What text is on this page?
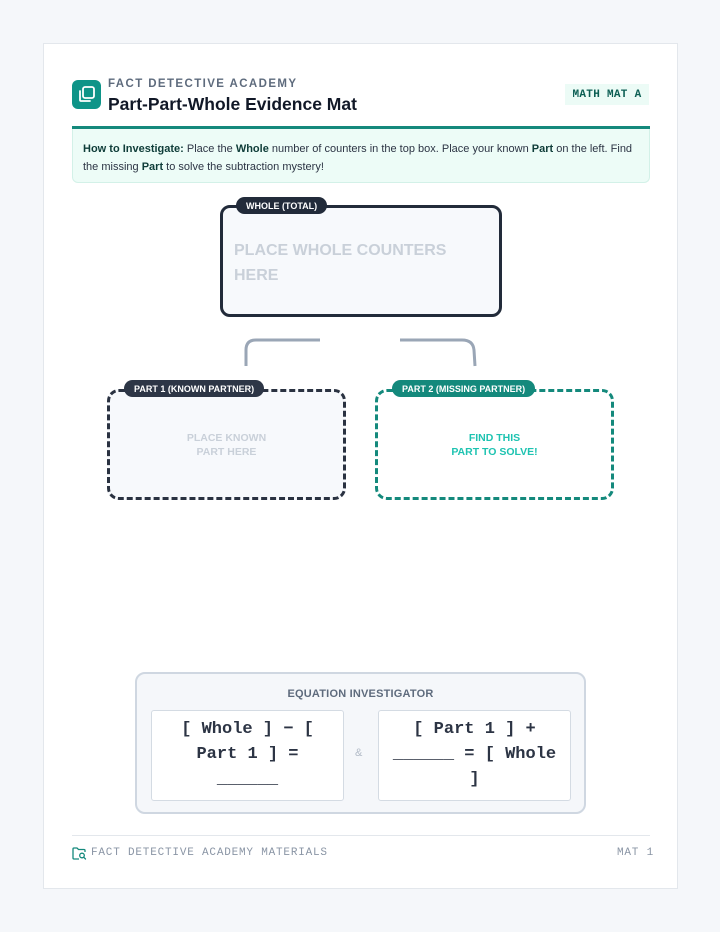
FACT DETECTIVE ACADEMY
Part-Part-Whole Evidence Mat	MATH MAT A
How to Investigate: Place the Whole number of counters in the top box. Place your known Part on the left. Find the missing Part to solve the subtraction mystery!
PLACE WHOLE COUNTERS HERE
WHOLE (TOTAL)
PLACE KNOWN
PART HERE
PART 1 (KNOWN PARTNER)
FIND THIS
PART TO SOLVE!
PART 2 (MISSING PARTNER)
EQUATION INVESTIGATOR
[ Whole ] − [ Part 1 ] = ______
&
[ Part 1 ] + ______ = [ Whole ]
FACT DETECTIVE ACADEMY MATERIALS	MAT 1
